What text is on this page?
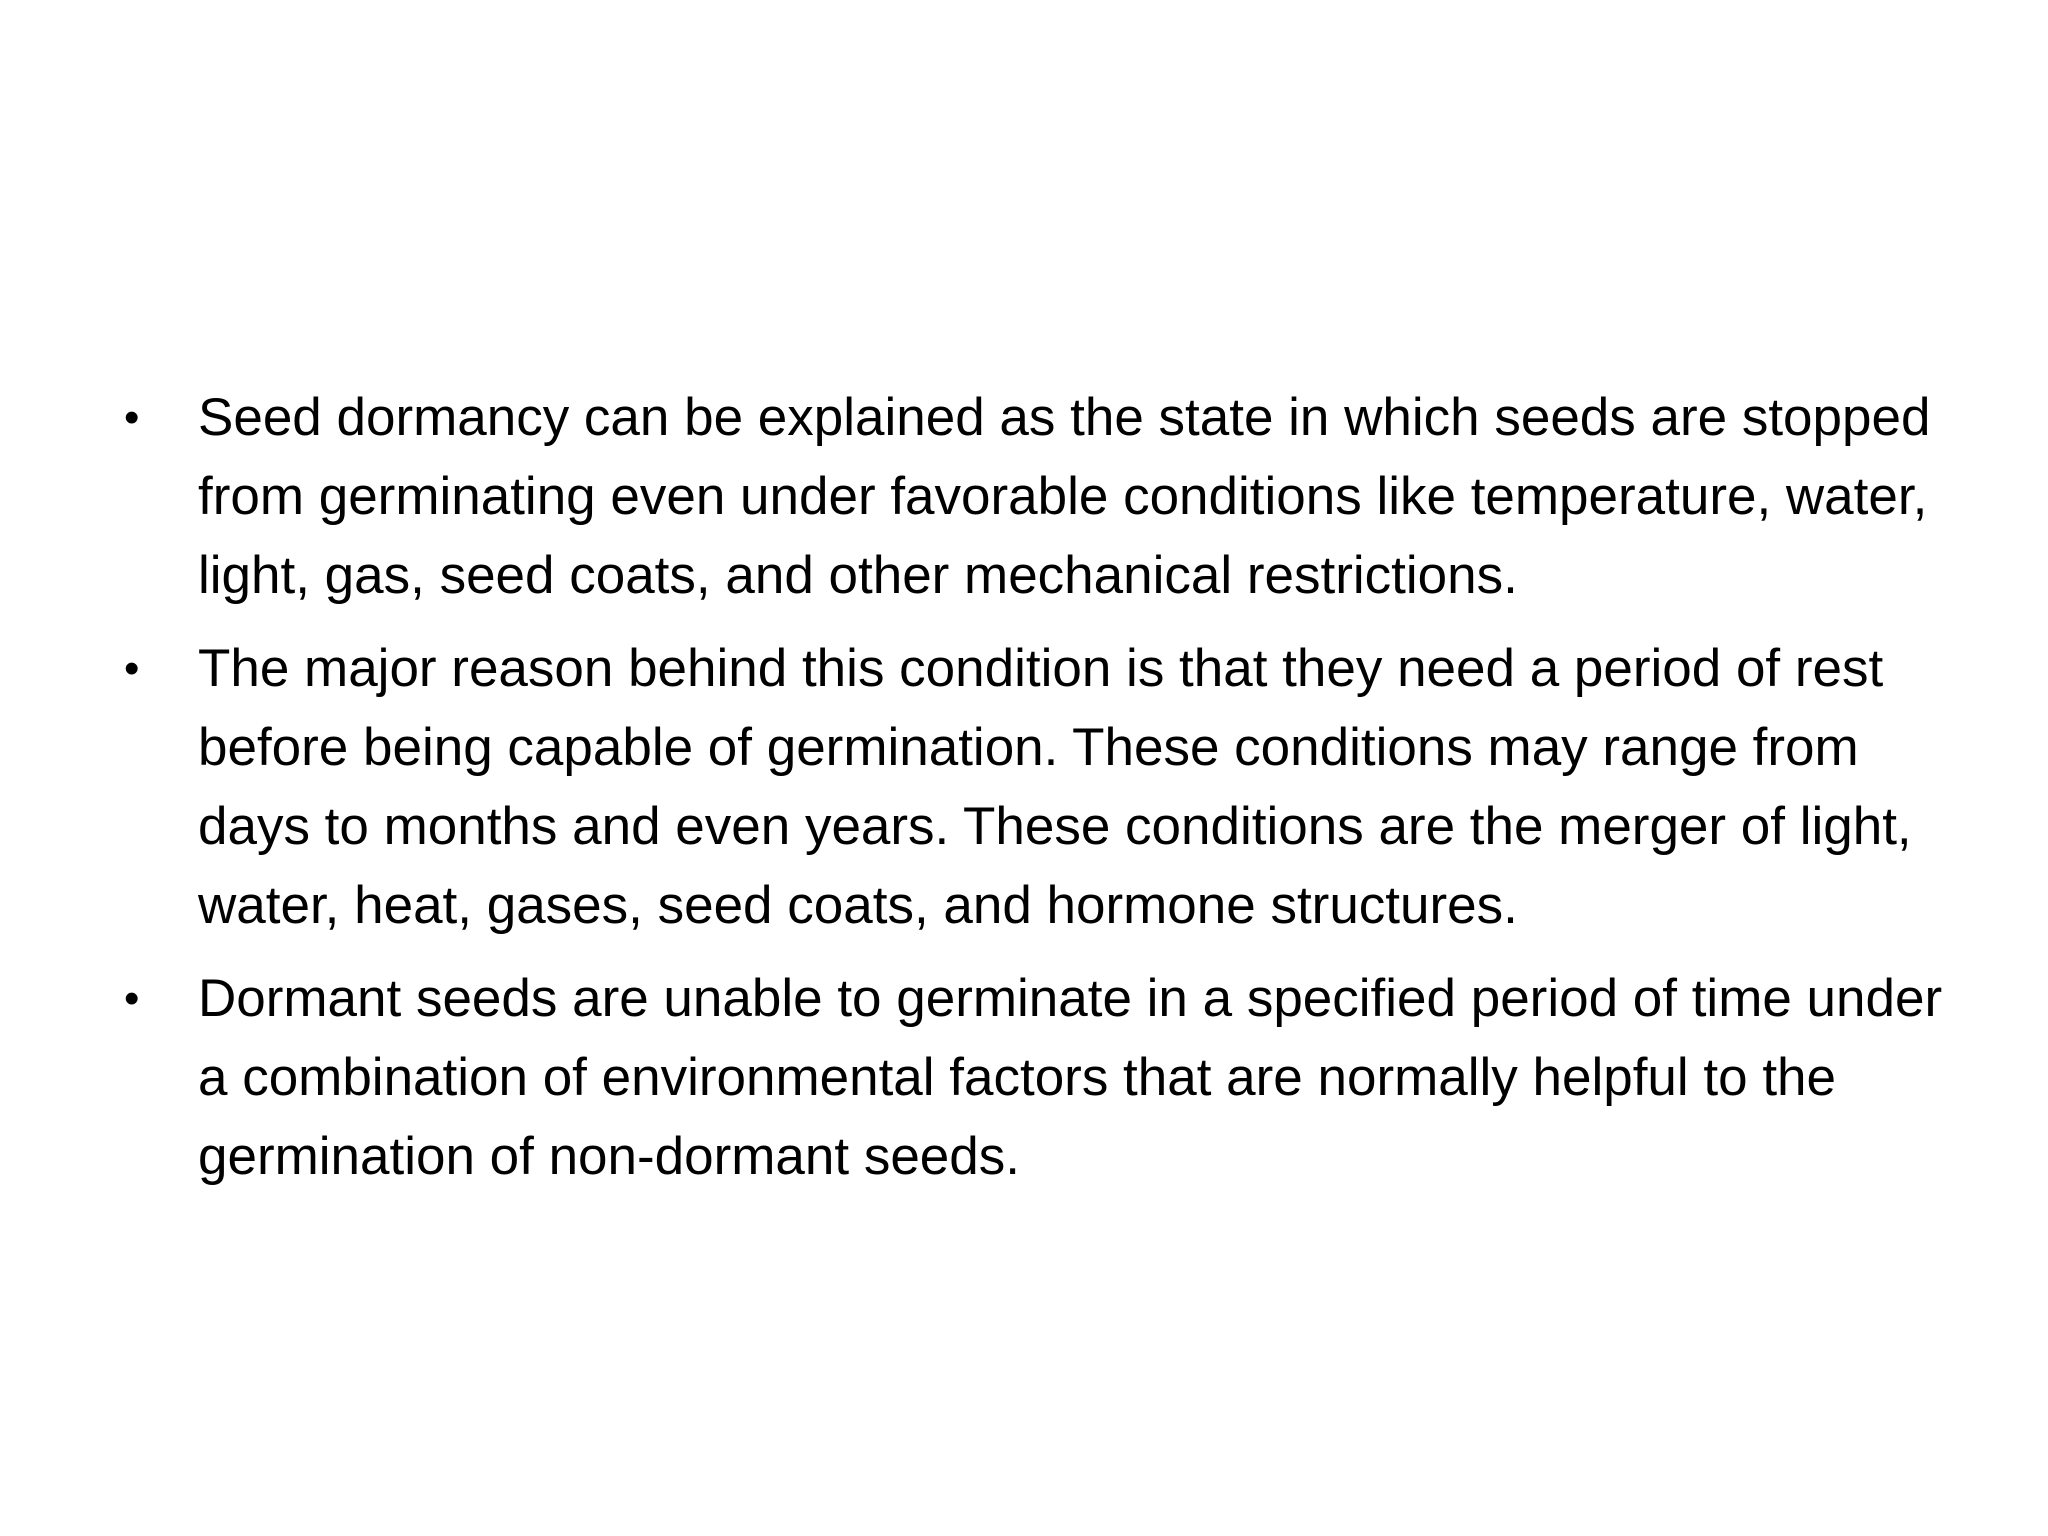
• Seed dormancy can be explained as the state in which seeds are stopped from germinating even under favorable conditions like temperature, water, light, gas, seed coats, and other mechanical restrictions.
• The major reason behind this condition is that they need a period of rest before being capable of germination. These conditions may range from days to months and even years. These conditions are the merger of light, water, heat, gases, seed coats, and hormone structures.
• Dormant seeds are unable to germinate in a specified period of time under a combination of environmental factors that are normally helpful to the germination of non-dormant seeds.
